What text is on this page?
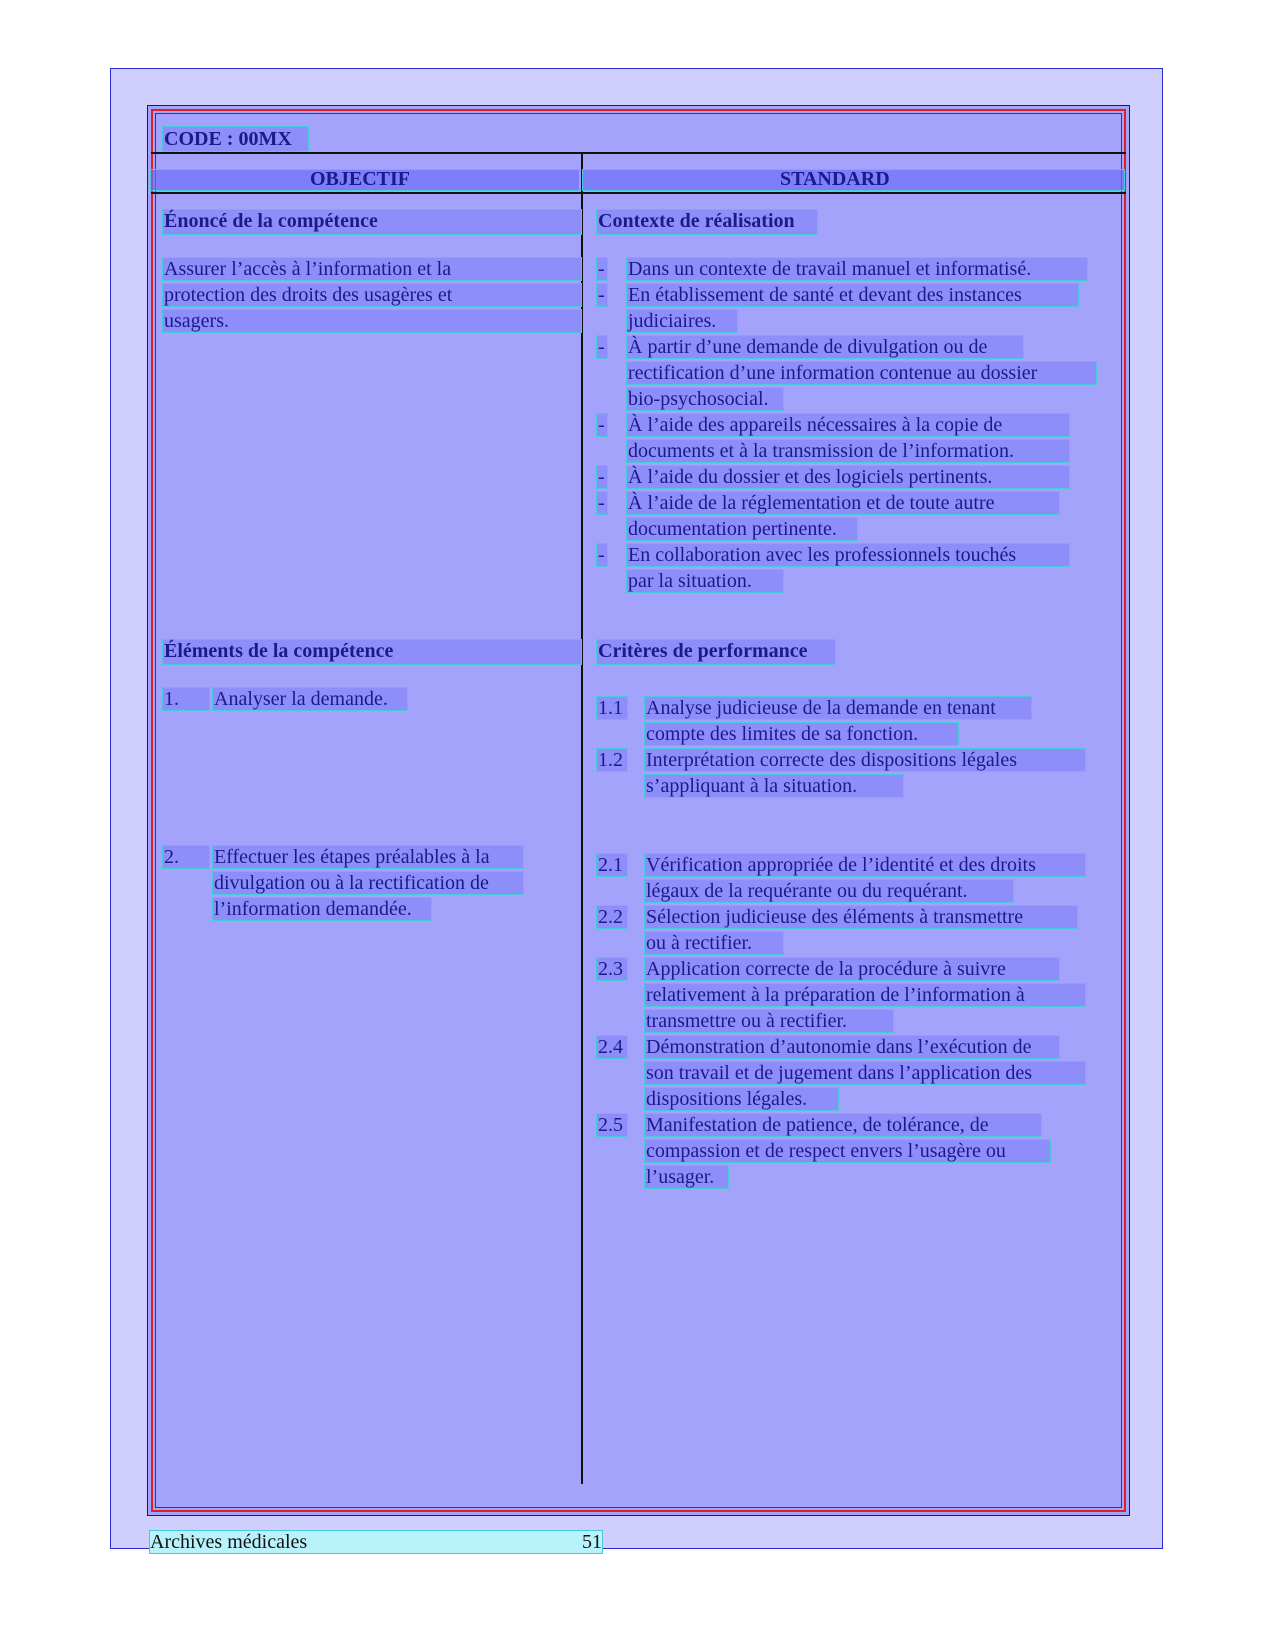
CODE : 00MX
OBJECTIF	STANDARD
Énoncé de la compétence
Assurer l’accès à l’information et la
protection des droits des usagères et
usagers.
Éléments de la compétence
1. Analyser la demande.
2. Effectuer les étapes préalables à la
divulgation ou à la rectification de
l’information demandée.
Contexte de réalisation
Critères de performance
Archives médicales	51
- Dans un contexte de travail manuel et informatisé.
- En établissement de santé et devant des instances
judiciaires.
- À partir d’une demande de divulgation ou de
rectification d’une information contenue au dossier
bio-psychosocial.
- À l’aide des appareils nécessaires à la copie de
documents et à la transmission de l’information.
- À l’aide du dossier et des logiciels pertinents.
- À l’aide de la réglementation et de toute autre
documentation pertinente.
- En collaboration avec les professionnels touchés
par la situation.
1.1 Analyse judicieuse de la demande en tenant
compte des limites de sa fonction.
1.2 Interprétation correcte des dispositions légales
s’appliquant à la situation.
2.1 Vérification appropriée de l’identité et des droits
légaux de la requérante ou du requérant.
2.2 Sélection judicieuse des éléments à transmettre
ou à rectifier.
2.3 Application correcte de la procédure à suivre
relativement à la préparation de l’information à
transmettre ou à rectifier.
2.4 Démonstration d’autonomie dans l’exécution de
son travail et de jugement dans l’application des
dispositions légales.
2.5 Manifestation de patience, de tolérance, de
compassion et de respect envers l’usagère ou
l’usager.
